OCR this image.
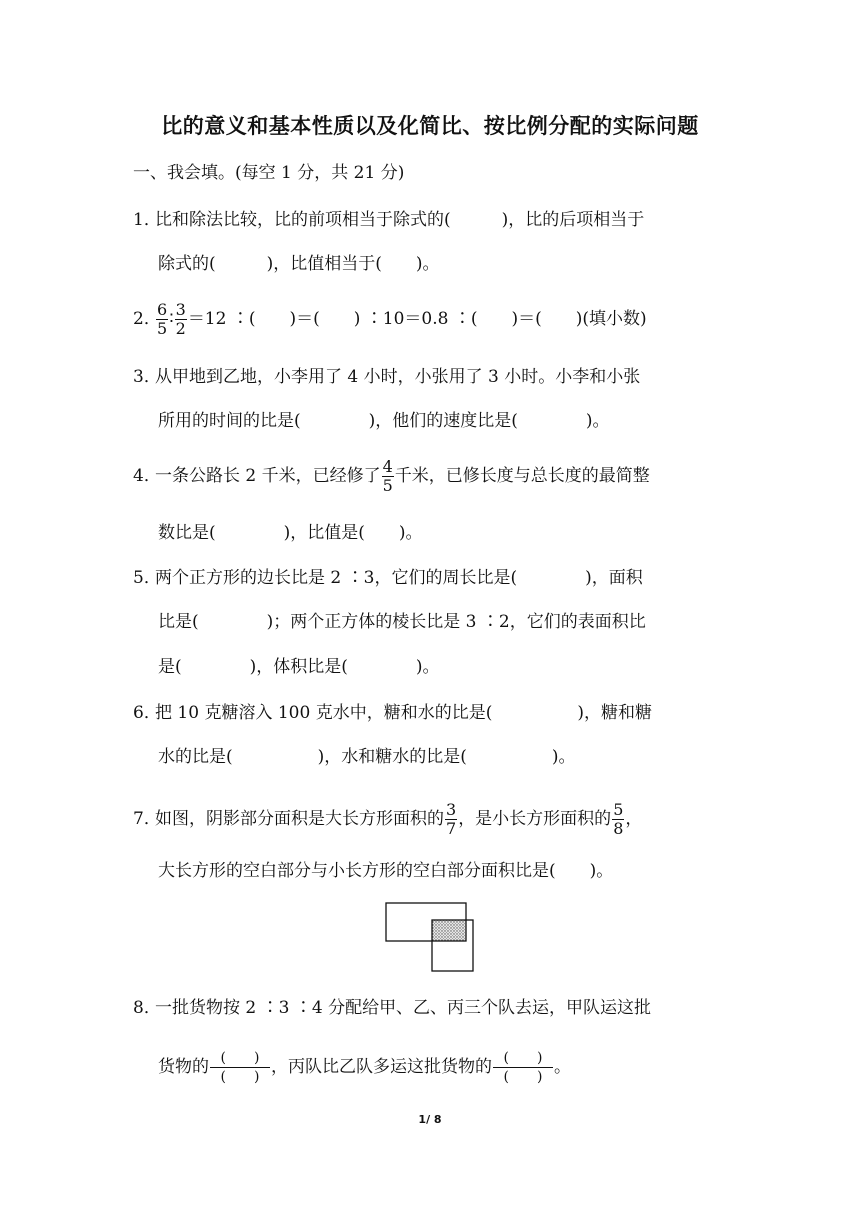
比的意义和基本性质以及化简比、按比例分配的实际问题
一、我会填。(每空 1 分，共 21 分)
1．比和除法比较，比的前项相当于除式的(　　　)，比的后项相当于
除式的(　　　)，比值相当于(　　)。
2．
$\frac{6}{5}$ ∶ $\frac{3}{2} =12$ ∶(　　)＝(　　) ∶10＝0.8 ∶(　　)＝(　　)(填小数)
3．从甲地到乙地，小李用了 4 小时，小张用了 3 小时。小李和小张
所用的时间的比是(　　　　)，他们的速度比是(　　　　)。
4．一条公路长 2 千米，已经修了 $\frac{4}{5}$ 千米，已修长度与总长度的最简整
数比是(　　　　)，比值是(　　)。
5．两个正方形的边长比是 2 ∶3，它们的周长比是(　　　　)，面积
比是(　　　　)；两个正方体的棱长比是 3 ∶2，它们的表面积比
是(　　　　)，体积比是(　　　　)。
6．把 10 克糖溶入 100 克水中，糖和水的比是(　　　　　)，糖和糖
水的比是(　　　　　)，水和糖水的比是(　　　　　)。
7．如图，阴影部分面积是大长方形面积的 $\frac{3}{7}$ ，是小长方形面积的 $\frac{5}{8}$ ，
大长方形的空白部分与小长方形的空白部分面积比是(　　)。
8．一批货物按 2 ∶3 ∶4 分配给甲、乙、丙三个队去运，甲队运这批
货物的 $\frac{( )}{( )}$ ，丙队比乙队多运这批货物的 $\frac{( )}{( )}$ 。
1/ 8
